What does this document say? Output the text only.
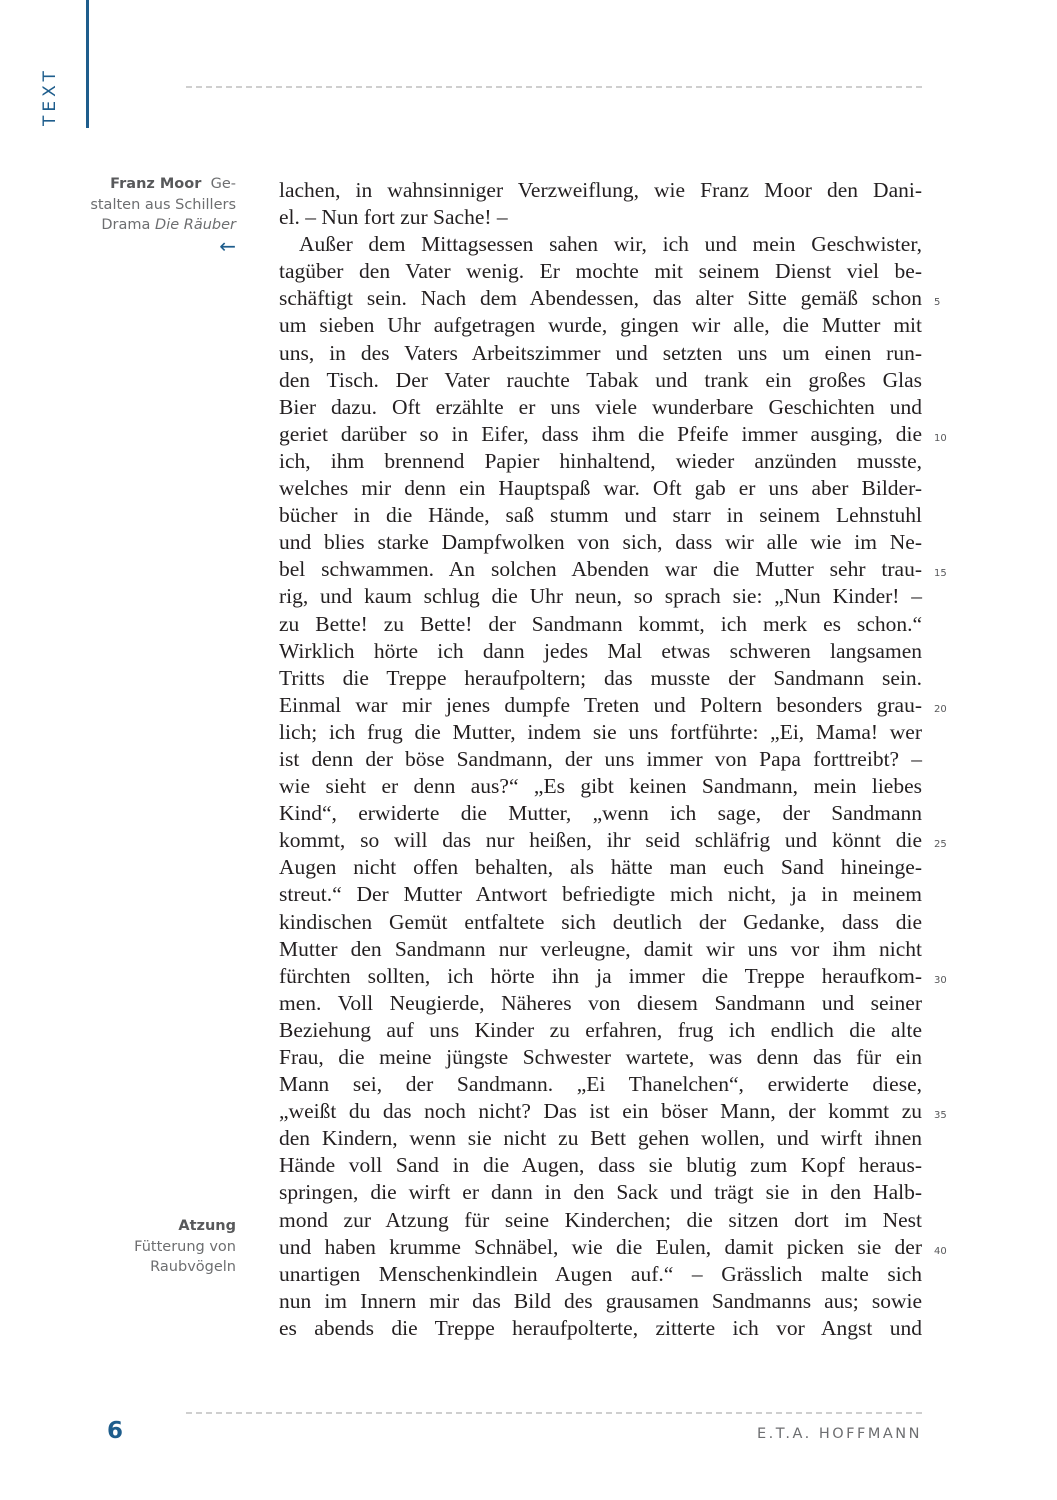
TEXT
Franz Moor Ge-
stalten aus Schillers
Drama Die Räuber
←
Atzung
Fütterung von
Raubvögeln
lachen, in wahnsinniger Verzweiflung, wie Franz Moor den Dani-
el. – Nun fort zur Sache! –
Außer dem Mittagsessen sahen wir, ich und mein Geschwister,
tagüber den Vater wenig. Er mochte mit seinem Dienst viel be-
schäftigt sein. Nach dem Abendessen, das alter Sitte gemäß schon
um sieben Uhr aufgetragen wurde, gingen wir alle, die Mutter mit
uns, in des Vaters Arbeitszimmer und setzten uns um einen run-
den Tisch. Der Vater rauchte Tabak und trank ein großes Glas
Bier dazu. Oft erzählte er uns viele wunderbare Geschichten und
geriet darüber so in Eifer, dass ihm die Pfeife immer ausging, die
ich, ihm brennend Papier hinhaltend, wieder anzünden musste,
welches mir denn ein Hauptspaß war. Oft gab er uns aber Bilder-
bücher in die Hände, saß stumm und starr in seinem Lehnstuhl
und blies starke Dampfwolken von sich, dass wir alle wie im Ne-
bel schwammen. An solchen Abenden war die Mutter sehr trau-
rig, und kaum schlug die Uhr neun, so sprach sie: „Nun Kinder! –
zu Bette! zu Bette! der Sandmann kommt, ich merk es schon.“
Wirklich hörte ich dann jedes Mal etwas schweren langsamen
Tritts die Treppe heraufpoltern; das musste der Sandmann sein.
Einmal war mir jenes dumpfe Treten und Poltern besonders grau-
lich; ich frug die Mutter, indem sie uns fortführte: „Ei, Mama! wer
ist denn der böse Sandmann, der uns immer von Papa forttreibt? –
wie sieht er denn aus?“ „Es gibt keinen Sandmann, mein liebes
Kind“, erwiderte die Mutter, „wenn ich sage, der Sandmann
kommt, so will das nur heißen, ihr seid schläfrig und könnt die
Augen nicht offen behalten, als hätte man euch Sand hineinge-
streut.“ Der Mutter Antwort befriedigte mich nicht, ja in meinem
kindischen Gemüt entfaltete sich deutlich der Gedanke, dass die
Mutter den Sandmann nur verleugne, damit wir uns vor ihm nicht
fürchten sollten, ich hörte ihn ja immer die Treppe heraufkom-
men. Voll Neugierde, Näheres von diesem Sandmann und seiner
Beziehung auf uns Kinder zu erfahren, frug ich endlich die alte
Frau, die meine jüngste Schwester wartete, was denn das für ein
Mann sei, der Sandmann. „Ei Thanelchen“, erwiderte diese,
„weißt du das noch nicht? Das ist ein böser Mann, der kommt zu
den Kindern, wenn sie nicht zu Bett gehen wollen, und wirft ihnen
Hände voll Sand in die Augen, dass sie blutig zum Kopf heraus-
springen, die wirft er dann in den Sack und trägt sie in den Halb-
mond zur Atzung für seine Kinderchen; die sitzen dort im Nest
und haben krumme Schnäbel, wie die Eulen, damit picken sie der
unartigen Menschenkindlein Augen auf.“ – Grässlich malte sich
nun im Innern mir das Bild des grausamen Sandmanns aus; sowie
es abends die Treppe heraufpolterte, zitterte ich vor Angst und
5
10
15
20
25
30
35
40
6	E.T.A. HOFFMANN
